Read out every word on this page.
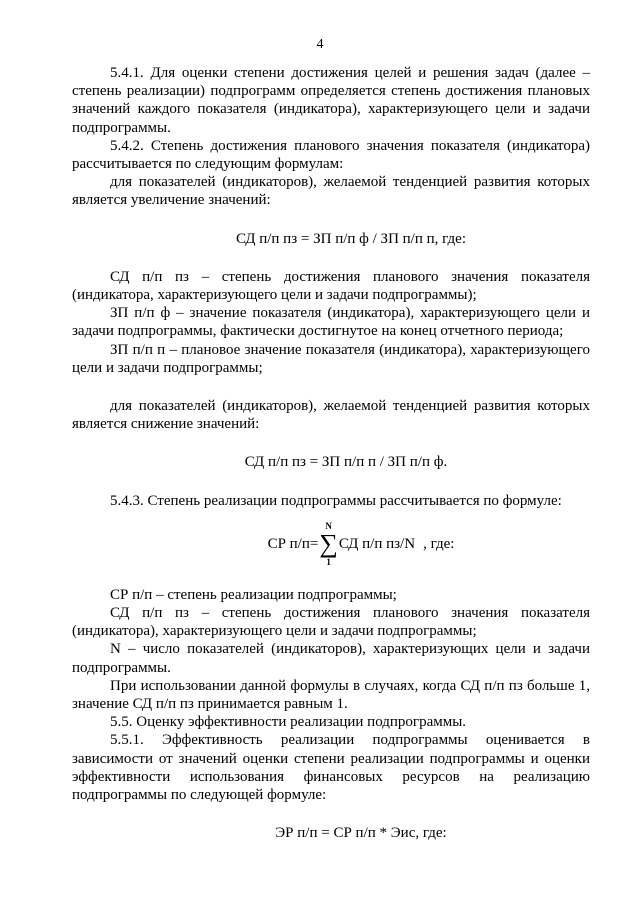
4

5.4.1. Для оценки степени достижения целей и решения задач (далее – степень реализации) подпрограмм определяется степень достижения плановых значений каждого показателя (индикатора), характеризующего цели и задачи подпрограммы.

5.4.2. Степень достижения планового значения показателя (индикатора) рассчитывается по следующим формулам:

для показателей (индикаторов), желаемой тенденцией развития которых является увеличение значений:

СД п/п пз = ЗП п/п ф / ЗП п/п п, где:

СД п/п пз – степень достижения планового значения показателя (индикатора, характеризующего цели и задачи подпрограммы);

ЗП п/п ф – значение показателя (индикатора), характеризующего цели и задачи подпрограммы, фактически достигнутое на конец отчетного периода;

ЗП п/п п – плановое значение показателя (индикатора), характеризующего цели и задачи подпрограммы;

для показателей (индикаторов), желаемой тенденцией развития которых является снижение значений:

СД п/п пз = ЗП п/п п / ЗП п/п ф.

5.4.3. Степень реализации подпрограммы рассчитывается по формуле:

СР п/п=
N
∑
1
СД п/п пз/N , где:

СР п/п – степень реализации подпрограммы;

СД п/п пз – степень достижения планового значения показателя (индикатора), характеризующего цели и задачи подпрограммы;

N – число показателей (индикаторов), характеризующих цели и задачи подпрограммы.

При использовании данной формулы в случаях, когда СД п/п пз больше 1, значение СД п/п пз принимается равным 1.

5.5. Оценку эффективности реализации подпрограммы.

5.5.1. Эффективность реализации подпрограммы оценивается в зависимости от значений оценки степени реализации подпрограммы и оценки эффективности использования финансовых ресурсов на реализацию подпрограммы по следующей формуле:

ЭР п/п = СР п/п * Эис, где:
